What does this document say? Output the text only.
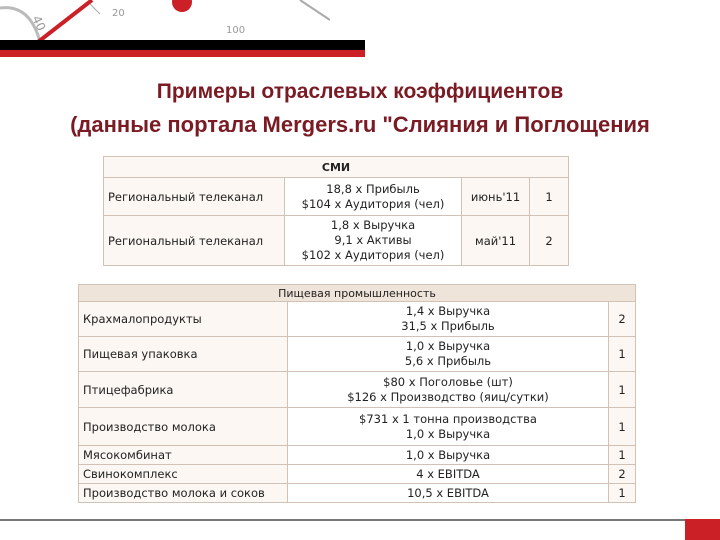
40	20
100
Примеры отраслевых коэффициентов
(данные портала Mergers.ru "Слияния и Поглощения
СМИ			
Региональный телеканал	18,8 х Прибыль
$104 х Аудитория (чел)	июнь'11	1
Региональный телеканал	1,8 х Выручка
9,1 х Активы
$102 х Аудитория (чел)	май'11	2
Пищевая промышленность		
Крахмалопродукты	1,4 х Выручка
31,5 х Прибыль	2
Пищевая упаковка	1,0 х Выручка
5,6 х Прибыль	1
Птицефабрика	$80 х Поголовье (шт)
$126 х Производство (яиц/сутки)	1
Производство молока	$731 х 1 тонна производства
1,0 х Выручка	1
Мясокомбинат	1,0 х Выручка	1
Свинокомплекс	4 х EBITDA	2
Производство молока и соков	10,5 х EBITDA	1
